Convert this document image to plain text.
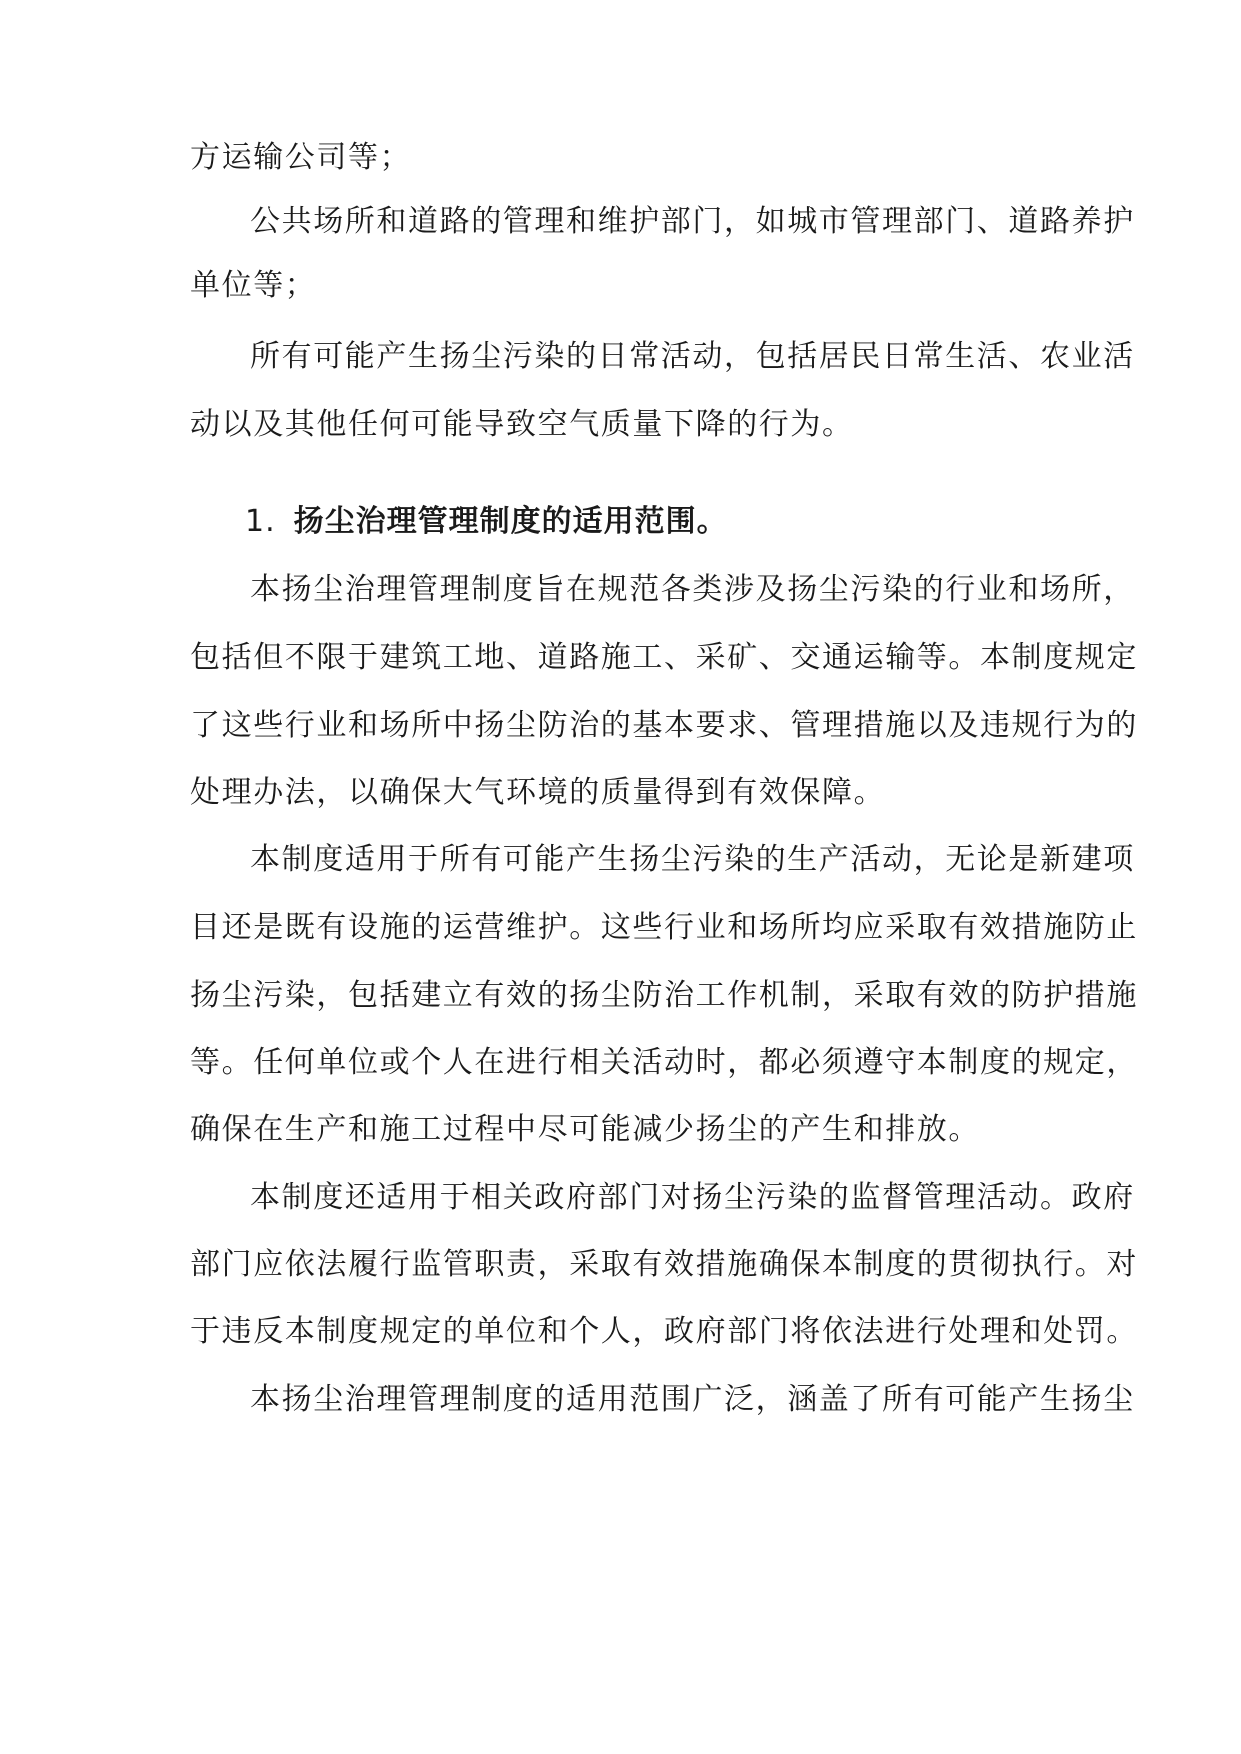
方运输公司等；
公共场所和道路的管理和维护部门，如城市管理部门、道路养护
单位等；
所有可能产生扬尘污染的日常活动，包括居民日常生活、农业活
动以及其他任何可能导致空气质量下降的行为。
1. 扬尘治理管理制度的适用范围。
本扬尘治理管理制度旨在规范各类涉及扬尘污染的行业和场所，
包括但不限于建筑工地、道路施工、采矿、交通运输等。本制度规定
了这些行业和场所中扬尘防治的基本要求、管理措施以及违规行为的
处理办法，以确保大气环境的质量得到有效保障。
本制度适用于所有可能产生扬尘污染的生产活动，无论是新建项
目还是既有设施的运营维护。这些行业和场所均应采取有效措施防止
扬尘污染，包括建立有效的扬尘防治工作机制，采取有效的防护措施
等。任何单位或个人在进行相关活动时，都必须遵守本制度的规定，
确保在生产和施工过程中尽可能减少扬尘的产生和排放。
本制度还适用于相关政府部门对扬尘污染的监督管理活动。政府
部门应依法履行监管职责，采取有效措施确保本制度的贯彻执行。对
于违反本制度规定的单位和个人，政府部门将依法进行处理和处罚。
本扬尘治理管理制度的适用范围广泛，涵盖了所有可能产生扬尘
